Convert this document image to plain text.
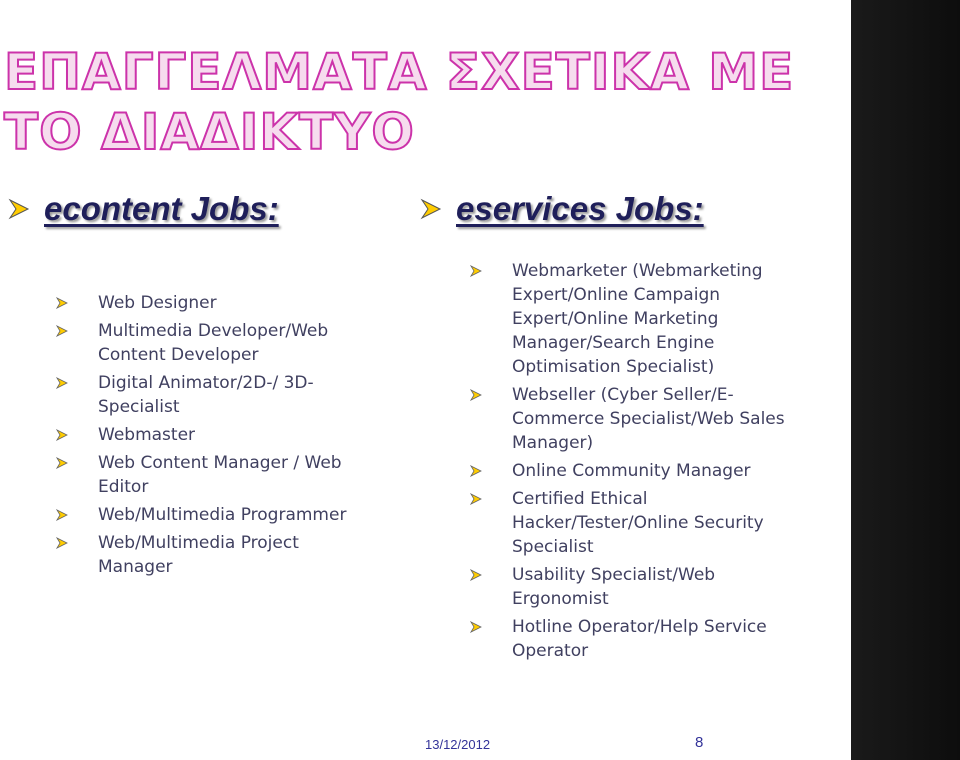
ΕΠΑΓΓΕΛΜΑΤΑ ΣΧΕΤΙΚΑ ΜΕ ΤΟ ΔΙΑΔΙΚΤΥΟ
econtent Jobs:	eservices Jobs:
Web Designer
Multimedia Developer/Web Content Developer
Digital Animator/2D-/ 3D-Specialist
Webmaster
Web Content Manager / Web Editor
Web/Multimedia Programmer
Web/Multimedia Project Manager
Webmarketer (Webmarketing Expert/Online Campaign Expert/Online Marketing Manager/Search Engine Optimisation Specialist)
Webseller (Cyber Seller/E-Commerce Specialist/Web Sales Manager)
Online Community Manager
Certified Ethical Hacker/Tester/Online Security Specialist
Usability Specialist/Web Ergonomist
Hotline Operator/Help Service Operator
13/12/2012	8
